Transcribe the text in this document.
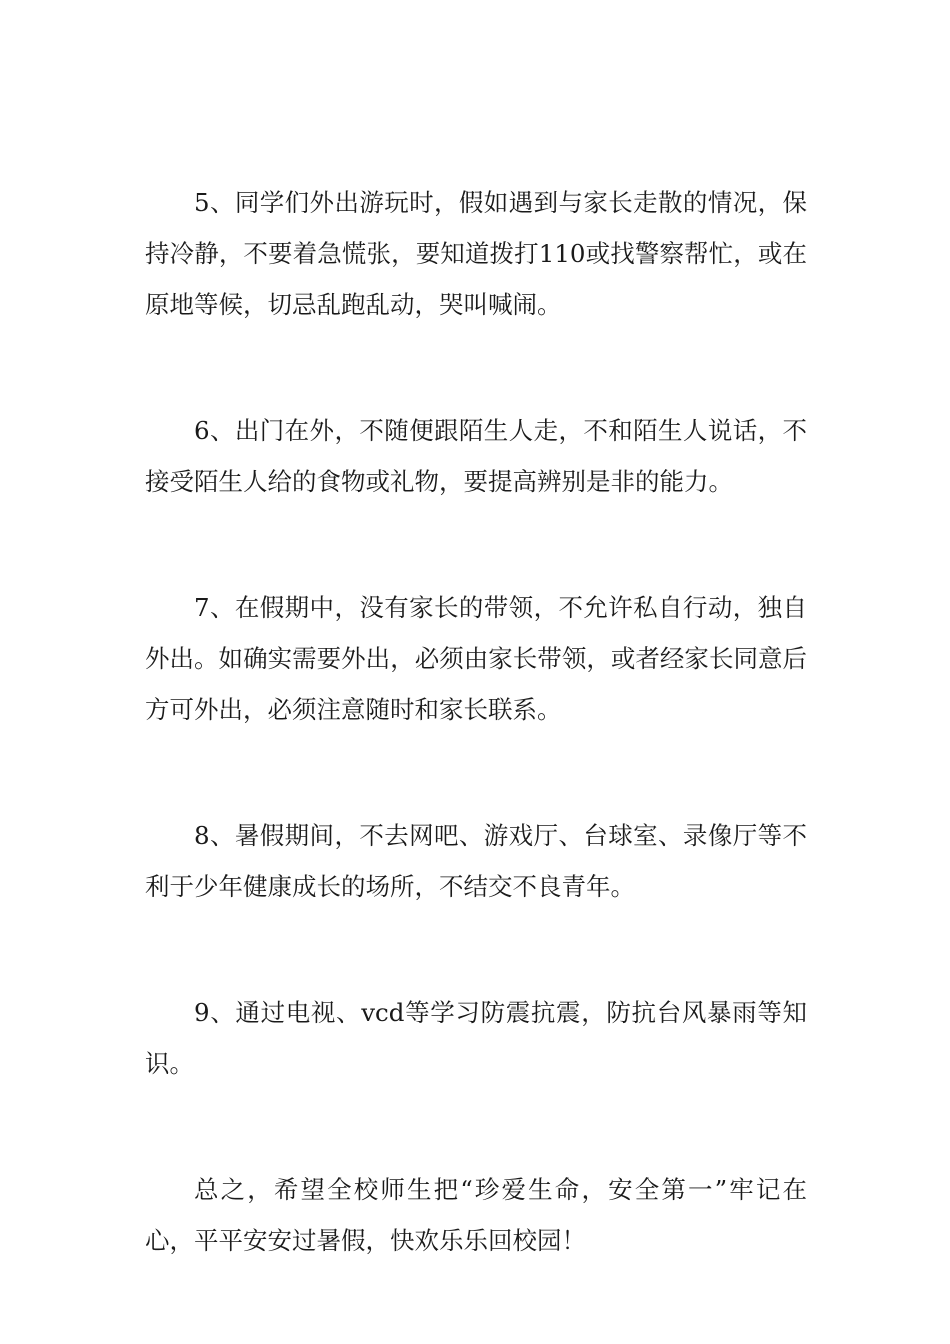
5、同学们外出游玩时，假如遇到与家长走散的情况，保持冷静，不要着急慌张，要知道拨打110或找警察帮忙，或在原地等候，切忌乱跑乱动，哭叫喊闹。

6、出门在外，不随便跟陌生人走，不和陌生人说话，不接受陌生人给的食物或礼物，要提高辨别是非的能力。

7、在假期中，没有家长的带领，不允许私自行动，独自外出。如确实需要外出，必须由家长带领，或者经家长同意后方可外出，必须注意随时和家长联系。

8、暑假期间，不去网吧、游戏厅、台球室、录像厅等不利于少年健康成长的场所，不结交不良青年。

9、通过电视、vcd等学习防震抗震，防抗台风暴雨等知识。

总之，希望全校师生把“珍爱生命，安全第一”牢记在心，平平安安过暑假，快欢乐乐回校园！
